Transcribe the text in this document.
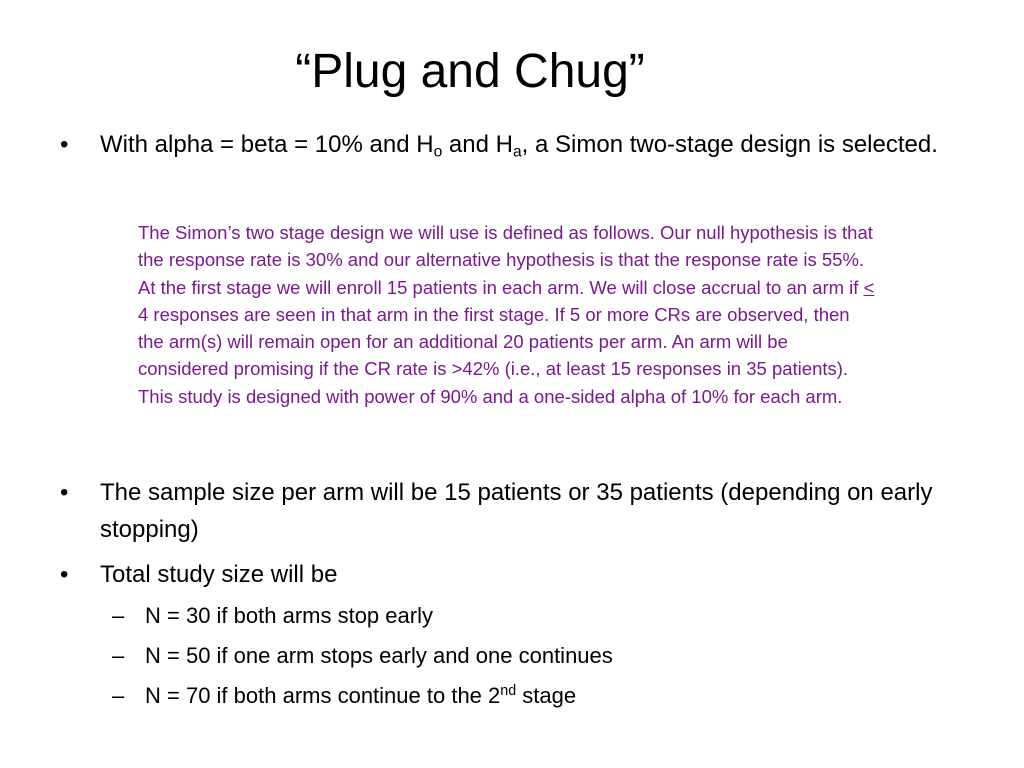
“Plug and Chug”
•	With alpha = beta = 10% and $H_o$ and $H_a$, a Simon two-stage design is selected.
The Simon’s two stage design we will use is defined as follows. Our null hypothesis is that the response rate is 30% and our alternative hypothesis is that the response rate is 55%. At the first stage we will enroll 15 patients in each arm. We will close accrual to an arm if < 4 responses are seen in that arm in the first stage. If 5 or more CRs are observed, then the arm(s) will remain open for an additional 20 patients per arm. An arm will be considered promising if the CR rate is >42% (i.e., at least 15 responses in 35 patients). This study is designed with power of 90% and a one-sided alpha of 10% for each arm.
•	The sample size per arm will be 15 patients or 35 patients (depending on early stopping)
•	Total study size will be
– N = 30 if both arms stop early
– N = 50 if one arm stops early and one continues
– N = 70 if both arms continue to the 2nd stage
